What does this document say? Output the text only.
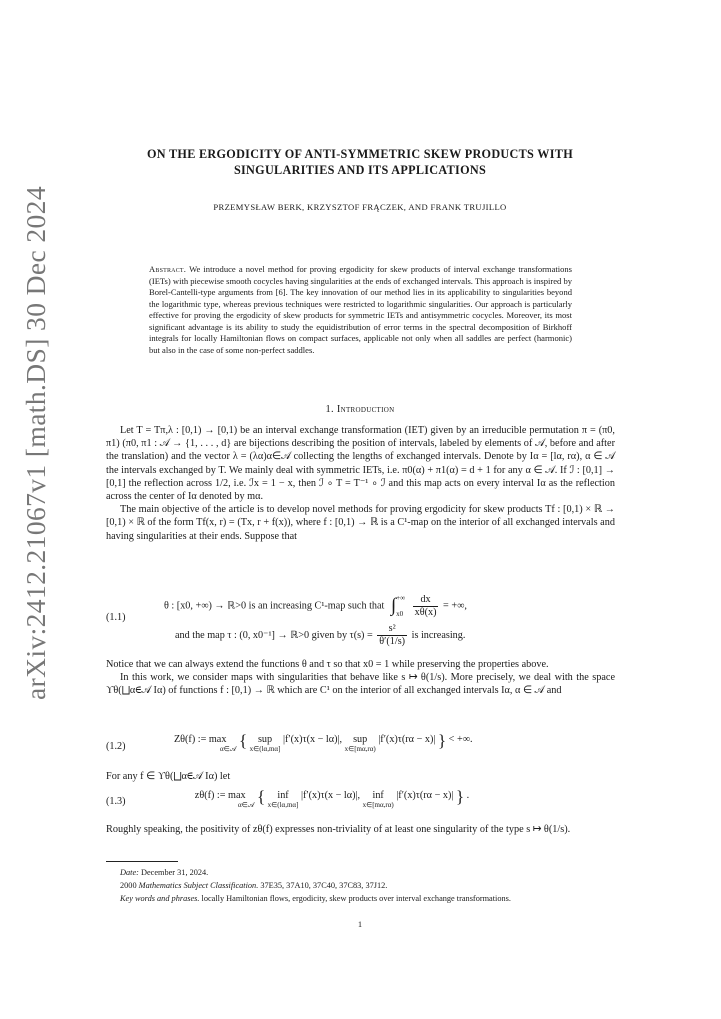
arXiv:2412.21067v1 [math.DS] 30 Dec 2024
ON THE ERGODICITY OF ANTI-SYMMETRIC SKEW PRODUCTS WITH
SINGULARITIES AND ITS APPLICATIONS
PRZEMYSŁAW BERK, KRZYSZTOF FRĄCZEK, AND FRANK TRUJILLO
Abstract. We introduce a novel method for proving ergodicity for skew products of interval exchange transformations (IETs) with piecewise smooth cocycles having singularities at the ends of exchanged intervals. This approach is inspired by Borel-Cantelli-type arguments from [6]. The key innovation of our method lies in its applicability to singularities beyond the logarithmic type, whereas previous techniques were restricted to logarithmic singularities. Our approach is particularly effective for proving the ergodicity of skew products for symmetric IETs and antisymmetric cocycles. Moreover, its most significant advantage is its ability to study the equidistribution of error terms in the spectral decomposition of Birkhoff integrals for locally Hamiltonian flows on compact surfaces, applicable not only when all saddles are perfect (harmonic) but also in the case of some non-perfect saddles.
1. Introduction

Let T = Tπ,λ : [0,1) → [0,1) be an interval exchange transformation (IET) given by an irreducible permutation π = (π0, π1) (π0, π1 : 𝒜 → {1, . . . , d} are bijections describing the position of intervals, labeled by elements of 𝒜, before and after the translation) and the vector λ = (λα)α∈𝒜 collecting the lengths of exchanged intervals. Denote by Iα = [lα, rα), α ∈ 𝒜 the intervals exchanged by T. We mainly deal with symmetric IETs, i.e. π0(α) + π1(α) = d + 1 for any α ∈ 𝒜. If ℐ : [0,1] → [0,1] the reflection across 1/2, i.e. ℐx = 1 − x, then ℐ ∘ T = T⁻¹ ∘ ℐ and this map acts on every interval Iα as the reflection across the center of Iα denoted by mα.

The main objective of the article is to develop novel methods for proving ergodicity for skew products Tf : [0,1) × ℝ → [0,1) × ℝ of the form Tf(x, r) = (Tx, r + f(x)), where f : [0,1) → ℝ is a C¹-map on the interior of all exchanged intervals and having singularities at their ends. Suppose that

(1.1)
θ : [x0, +∞) → ℝ>0 is an increasing C¹-map such that ∫ +∞
x0
$\frac{dx}{x\theta(x)}$ = +∞,
and the map τ : (0, x0⁻¹] → ℝ>0 given by $\tau(s) = \frac{\text{s²}}{\theta'(1/s)}$ is increasing.

Notice that we can always extend the functions θ and τ so that x0 = 1 while preserving the properties above.

In this work, we consider maps with singularities that behave like s ↦ θ(1/s). More precisely, we deal with the space ϒθ(⨆α∈𝒜 Iα) of functions f : [0,1) → ℝ which are C¹ on the interior of all exchanged intervals Iα, α ∈ 𝒜 and

(1.2)
Zθ(f) := max
α∈𝒜 {	sup
x∈(lα,mα]
|f′(x)τ(x − lα)|,	sup
x∈[mα,rα)
|f′(x)τ(rα − x)| } < +∞.

For any f ∈ ϒθ(⨆α∈𝒜 Iα) let

(1.3)
zθ(f) := max
α∈𝒜 {	inf
x∈(lα,mα]
|f′(x)τ(x − lα)|,	inf
x∈[mα,rα)
|f′(x)τ(rα − x)| } .

Roughly speaking, the positivity of zθ(f) expresses non-triviality of at least one singularity of the type s ↦ θ(1/s).

Date: December 31, 2024.
2000 Mathematics Subject Classification. 37E35, 37A10, 37C40, 37C83, 37J12.
Key words and phrases. locally Hamiltonian flows, ergodicity, skew products over interval exchange transformations.
1
